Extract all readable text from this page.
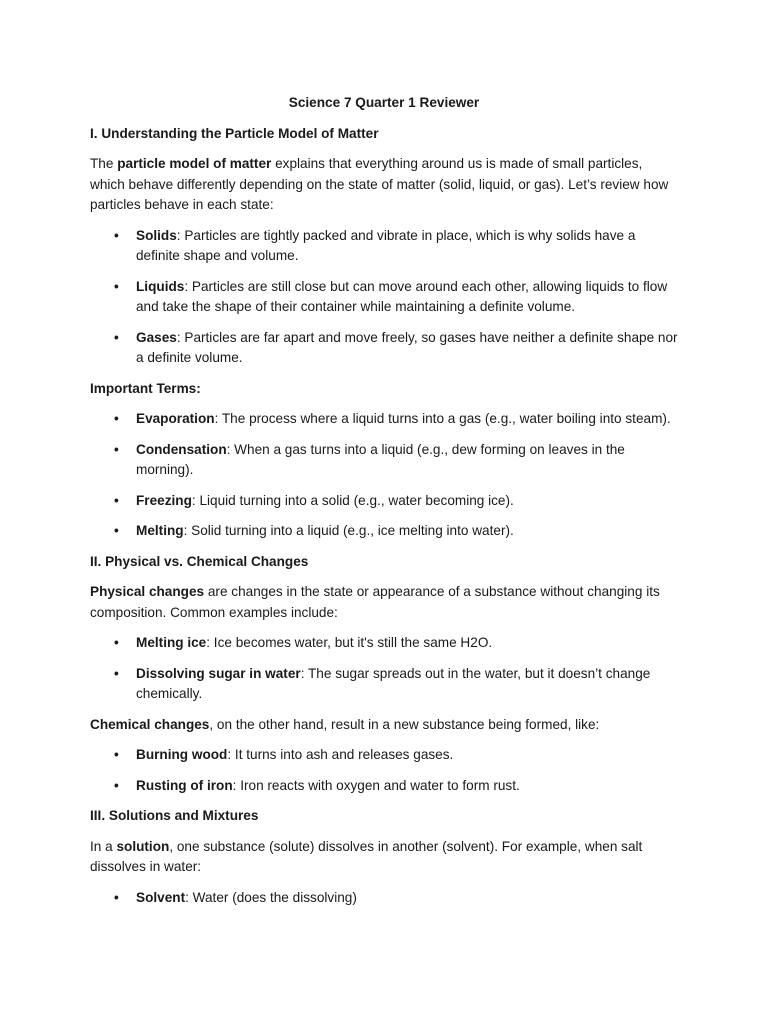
Science 7 Quarter 1 Reviewer
I. Understanding the Particle Model of Matter

The particle model of matter explains that everything around us is made of small particles, which behave differently depending on the state of matter (solid, liquid, or gas). Let’s review how particles behave in each state:

• Solids: Particles are tightly packed and vibrate in place, which is why solids have a definite shape and volume.
• Liquids: Particles are still close but can move around each other, allowing liquids to flow and take the shape of their container while maintaining a definite volume.
• Gases: Particles are far apart and move freely, so gases have neither a definite shape nor a definite volume.
Important Terms:
• Evaporation: The process where a liquid turns into a gas (e.g., water boiling into steam).
• Condensation: When a gas turns into a liquid (e.g., dew forming on leaves in the morning).
• Freezing: Liquid turning into a solid (e.g., water becoming ice).
• Melting: Solid turning into a liquid (e.g., ice melting into water).
II. Physical vs. Chemical Changes

Physical changes are changes in the state or appearance of a substance without changing its composition. Common examples include:

• Melting ice: Ice becomes water, but it's still the same H2O.
• Dissolving sugar in water: The sugar spreads out in the water, but it doesn’t change chemically.

Chemical changes, on the other hand, result in a new substance being formed, like:

• Burning wood: It turns into ash and releases gases.
• Rusting of iron: Iron reacts with oxygen and water to form rust.
III. Solutions and Mixtures

In a solution, one substance (solute) dissolves in another (solvent). For example, when salt dissolves in water:

• Solvent: Water (does the dissolving)
